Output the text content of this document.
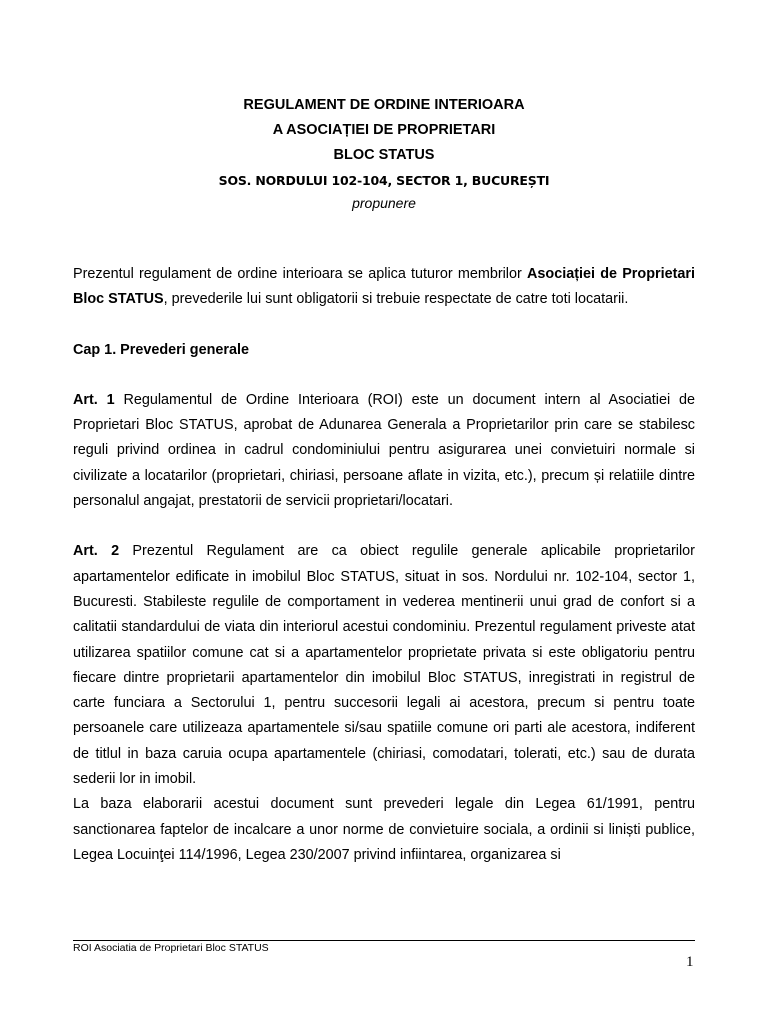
REGULAMENT DE ORDINE INTERIOARA
A ASOCIAȚIEI DE PROPRIETARI
BLOC STATUS
SOS. NORDULUI 102-104, SECTOR 1, BUCUREȘTI
propunere

Prezentul regulament de ordine interioara se aplica tuturor membrilor Asociației de Proprietari Bloc STATUS, prevederile lui sunt obligatorii si trebuie respectate de catre toti locatarii.

Cap 1. Prevederi generale

Art. 1 Regulamentul de Ordine Interioara (ROI) este un document intern al Asociatiei de Proprietari Bloc STATUS, aprobat de Adunarea Generala a Proprietarilor prin care se stabilesc reguli privind ordinea in cadrul condominiului pentru asigurarea unei convietuiri normale si civilizate a locatarilor (proprietari, chiriasi, persoane aflate in vizita, etc.), precum și relatiile dintre personalul angajat, prestatorii de servicii proprietari/locatari.

Art. 2 Prezentul Regulament are ca obiect regulile generale aplicabile proprietarilor apartamentelor edificate in imobilul Bloc STATUS, situat in sos. Nordului nr. 102-104, sector 1, Bucuresti. Stabileste regulile de comportament in vederea mentinerii unui grad de confort si a calitatii standardului de viata din interiorul acestui condominiu. Prezentul regulament priveste atat utilizarea spatiilor comune cat si a apartamentelor proprietate privata si este obligatoriu pentru fiecare dintre proprietarii apartamentelor din imobilul Bloc STATUS, inregistrati in registrul de carte funciara a Sectorului 1, pentru succesorii legali ai acestora, precum si pentru toate persoanele care utilizeaza apartamentele si/sau spatiile comune ori parti ale acestora, indiferent de titlul in baza caruia ocupa apartamentele (chiriasi, comodatari, tolerati, etc.) sau de durata sederii lor in imobil.

La baza elaborarii acestui document sunt prevederi legale din Legea 61/1991, pentru sanctionarea faptelor de incalcare a unor norme de convietuire sociala, a ordinii si liniști publice, Legea Locuinţei 114/1996, Legea 230/2007 privind infiintarea, organizarea si

ROI Asociatia de Proprietari Bloc STATUS
1
